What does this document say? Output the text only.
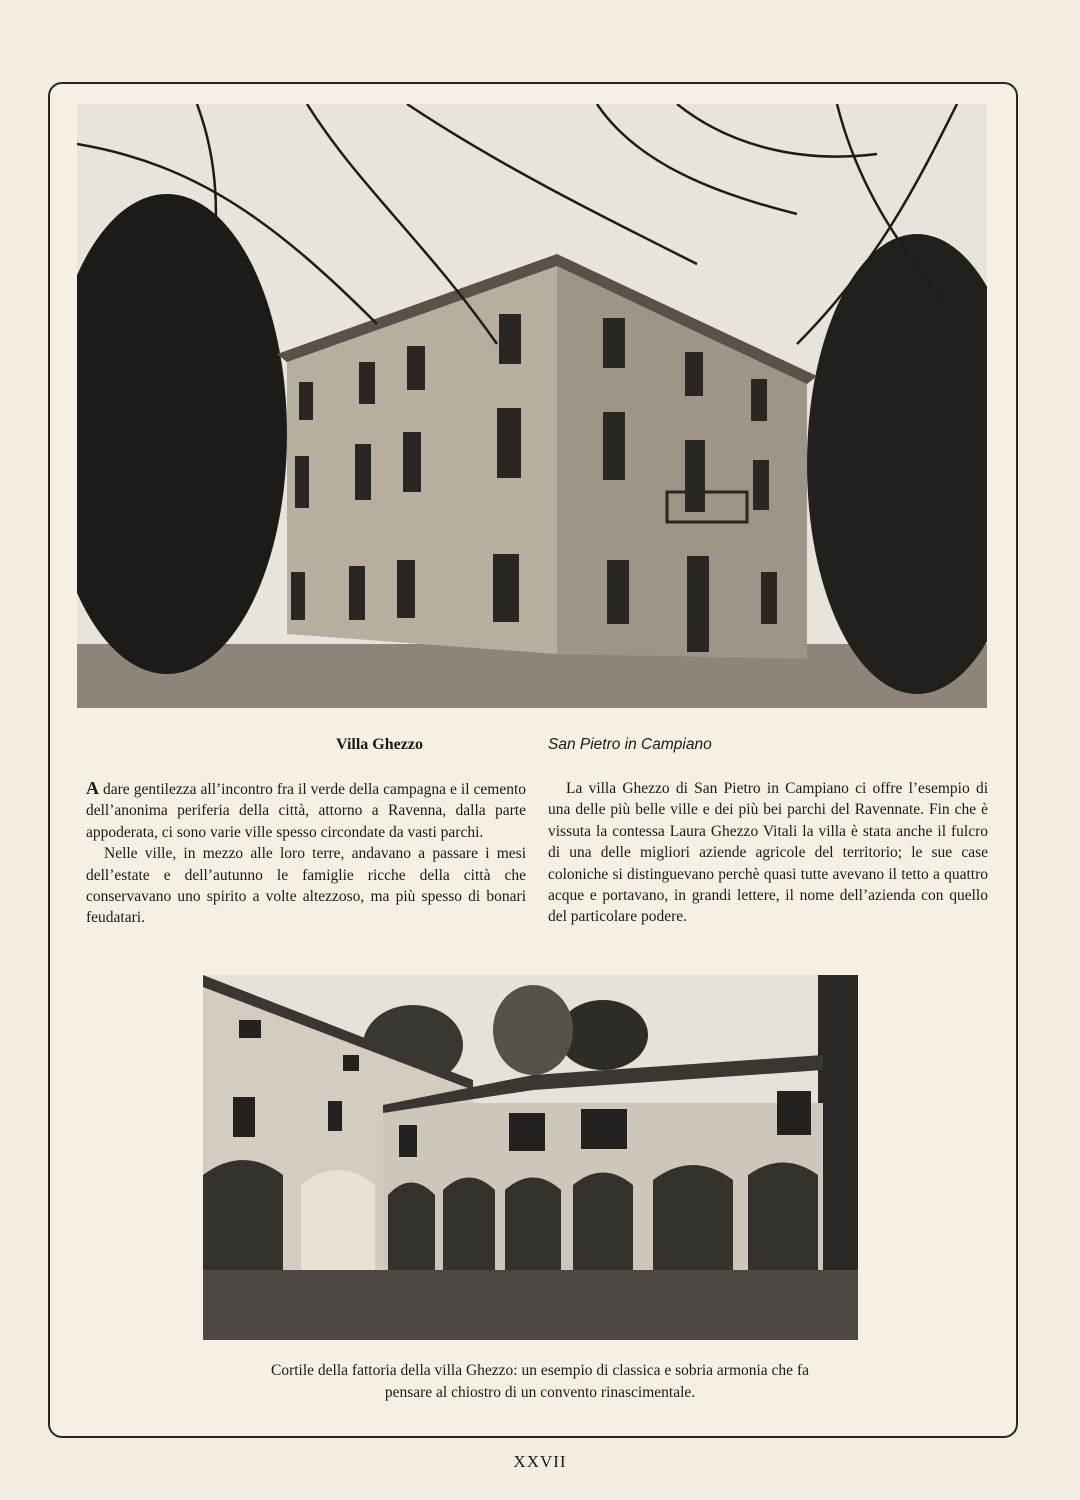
Villa Ghezzo	San Pietro in Campiano

A dare gentilezza all’incontro fra il verde della campagna e il cemento dell’anonima periferia della città, attorno a Ravenna, dalla parte appoderata, ci sono varie ville spesso circondate da vasti parchi.

Nelle ville, in mezzo alle loro terre, andavano a passare i mesi dell’estate e dell’autunno le famiglie ricche della città che conservavano uno spirito a volte altezzoso, ma più spesso di bonari feudatari.

La villa Ghezzo di San Pietro in Campiano ci offre l’esempio di una delle più belle ville e dei più bei parchi del Ravennate. Fin che è vissuta la contessa Laura Ghezzo Vitali la villa è stata anche il fulcro di una delle migliori aziende agricole del territorio; le sue case coloniche si distinguevano perchè quasi tutte avevano il tetto a quattro acque e portavano, in grandi lettere, il nome dell’azienda con quello del particolare podere.

Cortile della fattoria della villa Ghezzo: un esempio di classica e sobria armonia che fa pensare al chiostro di un convento rinascimentale.
XXVII
